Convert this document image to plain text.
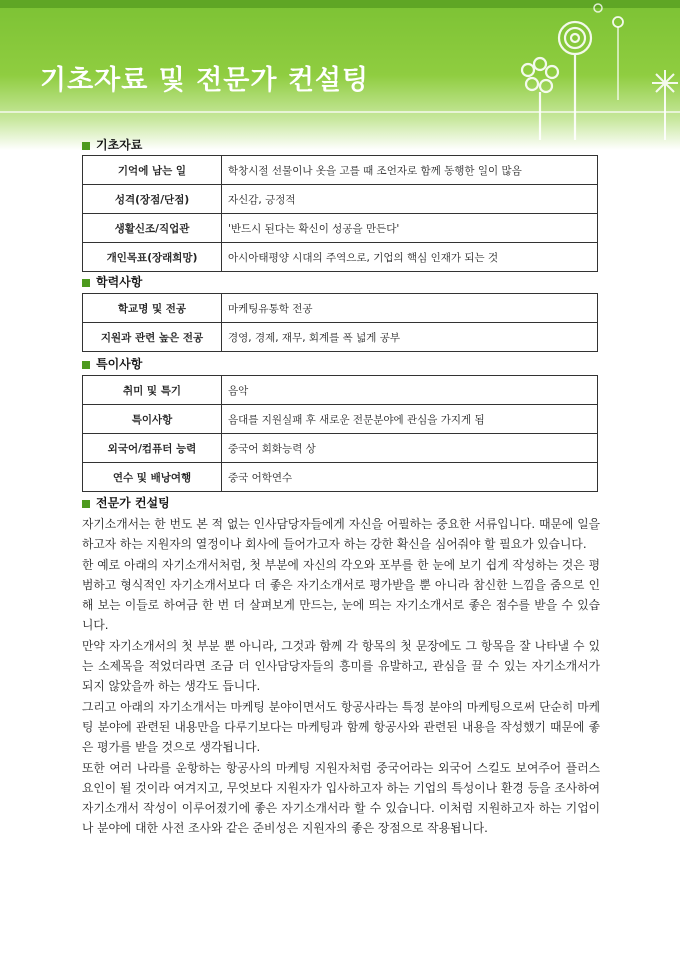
기초자료 및 전문가 컨설팅
기초자료
기억에 남는 일	학창시절 선물이나 옷을 고를 때 조언자로 함께 동행한 일이 많음
성격(장점/단점)	자신감, 긍정적
생활신조/직업관	'반드시 된다는 확신이 성공을 만든다'
개인목표(장래희망)	아시아태평양 시대의 주역으로, 기업의 핵심 인재가 되는 것
학력사항
학교명 및 전공	마케팅유통학 전공
지원과 관련 높은 전공	경영, 경제, 재무, 회계를 폭 넓게 공부
특이사항
취미 및 특기	음악
특이사항	음대를 지원실패 후 새로운 전문분야에 관심을 가지게 됨
외국어/컴퓨터 능력	중국어 회화능력 상
연수 및 배낭여행	중국 어학연수
전문가 컨설팅

자기소개서는 한 번도 본 적 없는 인사담당자들에게 자신을 어필하는 중요한 서류입니다. 때문에 일을 하고자 하는 지원자의 열정이나 회사에 들어가고자 하는 강한 확신을 심어줘야 할 필요가 있습니다.

한 예로 아래의 자기소개서처럼, 첫 부분에 자신의 각오와 포부를 한 눈에 보기 쉽게 작성하는 것은 평범하고 형식적인 자기소개서보다 더 좋은 자기소개서로 평가받을 뿐 아니라 참신한 느낌을 줌으로 인해 보는 이들로 하여금 한 번 더 살펴보게 만드는, 눈에 띄는 자기소개서로 좋은 점수를 받을 수 있습니다.

만약 자기소개서의 첫 부분 뿐 아니라, 그것과 함께 각 항목의 첫 문장에도 그 항목을 잘 나타낼 수 있는 소제목을 적었더라면 조금 더 인사담당자들의 흥미를 유발하고, 관심을 끌 수 있는 자기소개서가 되지 않았을까 하는 생각도 듭니다.

그리고 아래의 자기소개서는 마케팅 분야이면서도 항공사라는 특정 분야의 마케팅으로써 단순히 마케팅 분야에 관련된 내용만을 다루기보다는 마케팅과 함께 항공사와 관련된 내용을 작성했기 때문에 좋은 평가를 받을 것으로 생각됩니다.

또한 여러 나라를 운항하는 항공사의 마케팅 지원자처럼 중국어라는 외국어 스킬도 보여주어 플러스 요인이 될 것이라 여겨지고, 무엇보다 지원자가 입사하고자 하는 기업의 특성이나 환경 등을 조사하여 자기소개서 작성이 이루어졌기에 좋은 자기소개서라 할 수 있습니다. 이처럼 지원하고자 하는 기업이나 분야에 대한 사전 조사와 같은 준비성은 지원자의 좋은 장점으로 작용됩니다.
